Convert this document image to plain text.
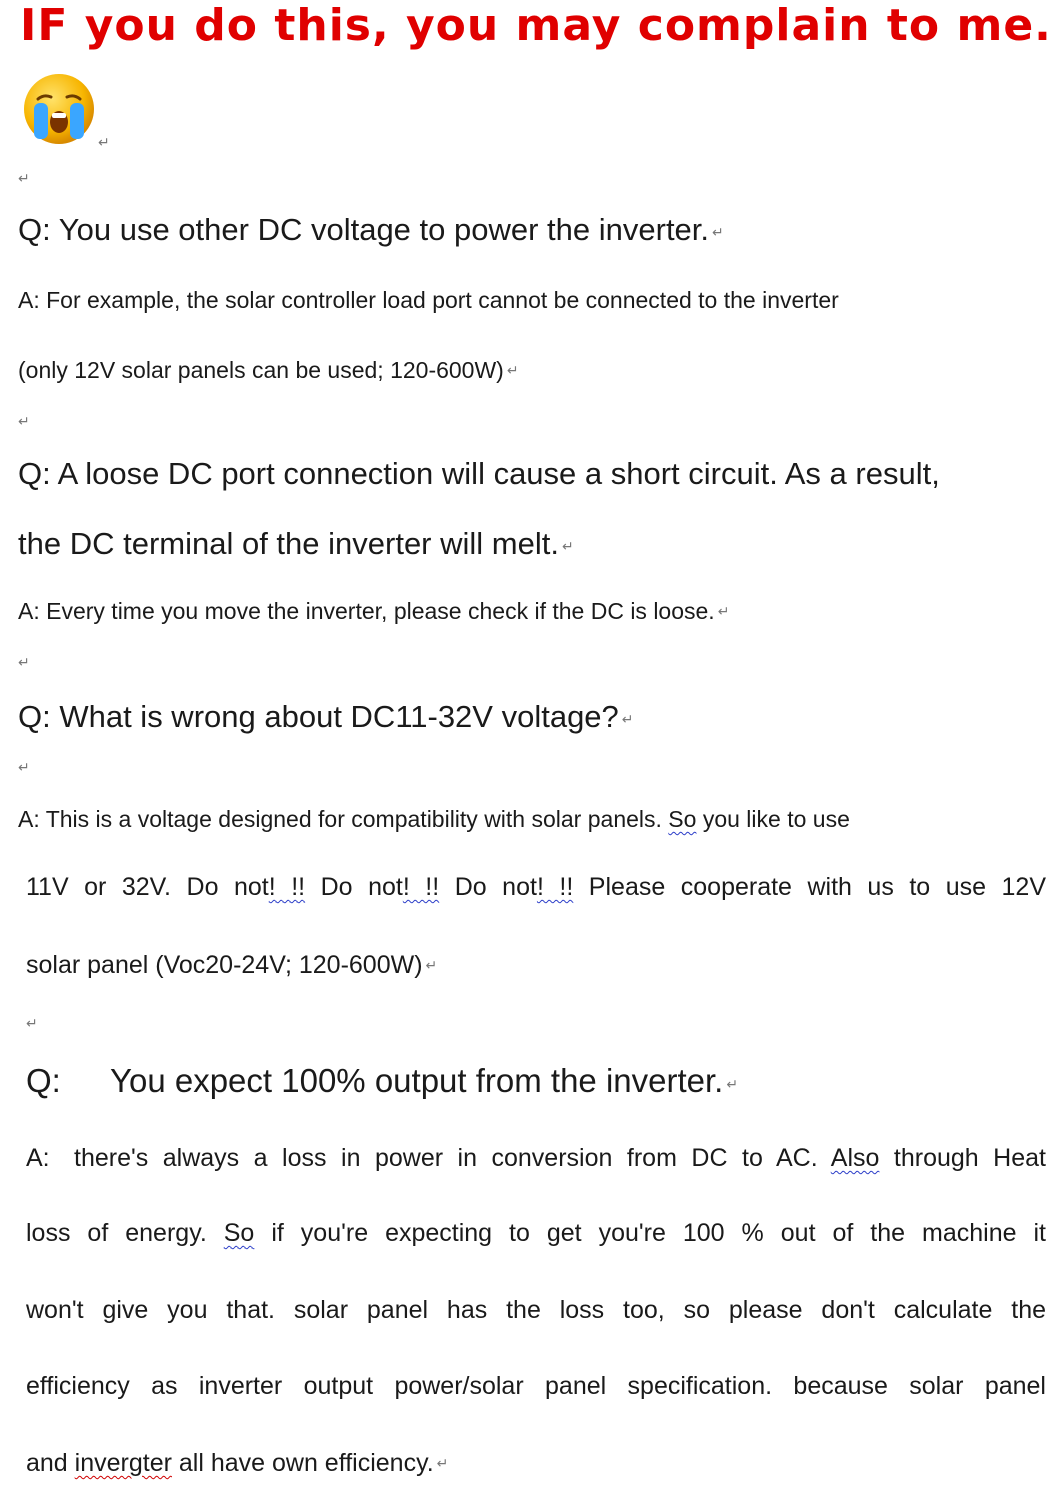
IF you do this, you may complain to me.
↵
↵
Q: You use other DC voltage to power the inverter. ↵
A: For example, the solar controller load port cannot be connected to the inverter
(only 12V solar panels can be used; 120-600W) ↵
↵
Q: A loose DC port connection will cause a short circuit. As a result,
the DC terminal of the inverter will melt. ↵
A: Every time you move the inverter, please check if the DC is loose. ↵
↵
Q: What is wrong about DC11-32V voltage? ↵
↵
A: This is a voltage designed for compatibility with solar panels. So you like to use
11V or 32V. Do not! !! Do not! !! Do not! !! Please cooperate with us to use 12V
solar panel (Voc20-24V; 120-600W) ↵
↵
Q: You expect 100% output from the inverter. ↵
A: there's always a loss in power in conversion from DC to AC. Also through Heat
loss of energy. So if you're expecting to get you're 100 % out of the machine it
won't give you that. solar panel has the loss too, so please don't calculate the
efficiency as inverter output power/solar panel specification. because solar panel
and invergter all have own efficiency. ↵
